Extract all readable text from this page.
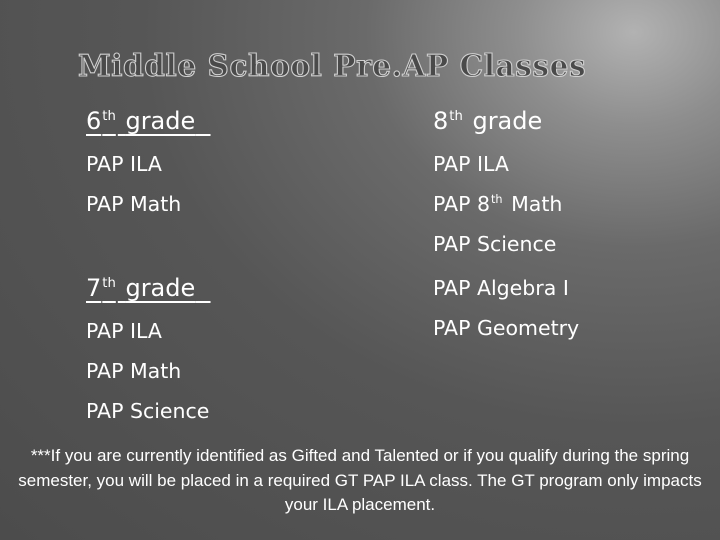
Middle School Pre.AP Classes
6th grade
PAP ILA
PAP Math
7th grade
PAP ILA
PAP Math
PAP Science
8th grade
PAP ILA
PAP 8th Math
PAP Science
PAP Algebra I
PAP Geometry
***If you are currently identified as Gifted and Talented or if you qualify during the spring semester, you will be placed in a required GT PAP ILA class. The GT program only impacts your ILA placement.
